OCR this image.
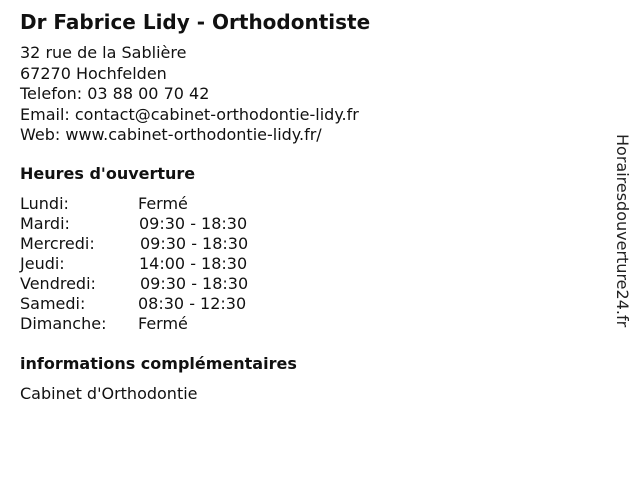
Dr Fabrice Lidy - Orthodontiste
32 rue de la Sablière
67270 Hochfelden
Telefon: 03 88 00 70 42
Email: contact@cabinet-orthodontie-lidy.fr
Web: www.cabinet-orthodontie-lidy.fr/
Heures d'ouverture
Lundi:	Fermé
Mardi:	09:30 - 18:30
Mercredi:	09:30 - 18:30
Jeudi:	14:00 - 18:30
Vendredi:	09:30 - 18:30
Samedi:	08:30 - 12:30
Dimanche: Fermé
informations complémentaires
Cabinet d'Orthodontie
Horairesdouverture24.fr
